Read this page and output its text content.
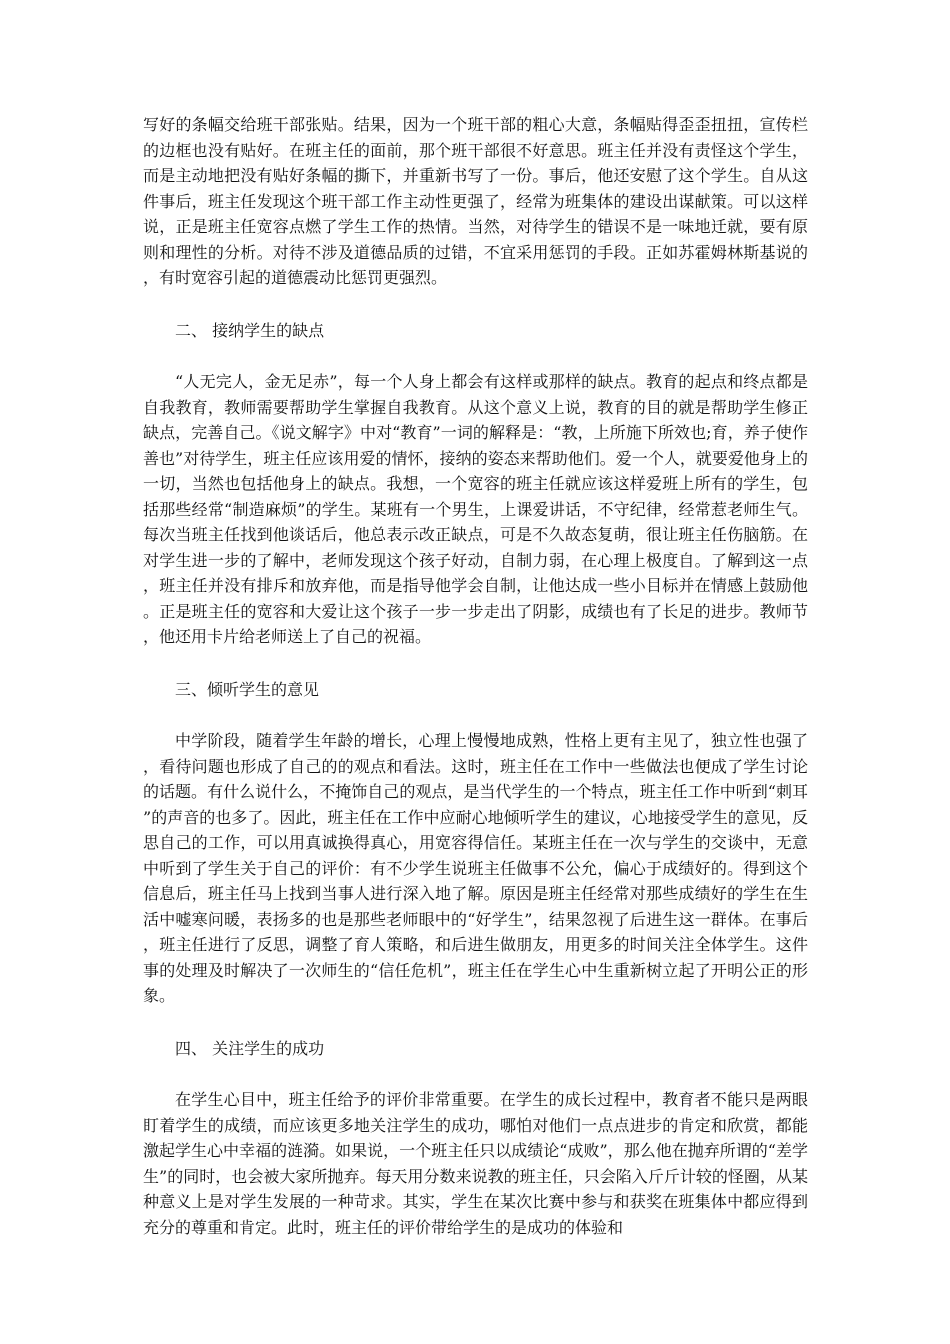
写好的条幅交给班干部张贴。结果，因为一个班干部的粗心大意，条幅贴得歪歪扭扭，宣传栏的边框也没有贴好。在班主任的面前，那个班干部很不好意思。班主任并没有责怪这个学生，而是主动地把没有贴好条幅的撕下，并重新书写了一份。事后，他还安慰了这个学生。自从这件事后，班主任发现这个班干部工作主动性更强了，经常为班集体的建设出谋献策。可以这样说，正是班主任宽容点燃了学生工作的热情。当然，对待学生的错误不是一味地迁就，要有原则和理性的分析。对待不涉及道德品质的过错，不宜采用惩罚的手段。正如苏霍姆林斯基说的 ，有时宽容引起的道德震动比惩罚更强烈。

二、 接纳学生的缺点

“人无完人，金无足赤”，每一个人身上都会有这样或那样的缺点。教育的起点和终点都是自我教育，教师需要帮助学生掌握自我教育。从这个意义上说，教育的目的就是帮助学生修正缺点，完善自己。《说文解字》中对“教育”一词的解释是：“教，上所施下所效也;育，养子使作善也”对待学生，班主任应该用爱的情怀，接纳的姿态来帮助他们。爱一个人，就要爱他身上的一切，当然也包括他身上的缺点。我想，一个宽容的班主任就应该这样爱班上所有的学生，包括那些经常“制造麻烦”的学生。某班有一个男生，上课爱讲话，不守纪律，经常惹老师生气。每次当班主任找到他谈话后，他总表示改正缺点，可是不久故态复萌，很让班主任伤脑筋。在对学生进一步的了解中，老师发现这个孩子好动，自制力弱，在心理上极度自。了解到这一点，班主任并没有排斥和放弃他，而是指导他学会自制，让他达成一些小目标并在情感上鼓励他。正是班主任的宽容和大爱让这个孩子一步一步走出了阴影，成绩也有了长足的进步。教师节，他还用卡片给老师送上了自己的祝福。

三、倾听学生的意见

中学阶段，随着学生年龄的增长，心理上慢慢地成熟，性格上更有主见了，独立性也强了，看待问题也形成了自己的的观点和看法。这时，班主任在工作中一些做法也便成了学生讨论的话题。有什么说什么，不掩饰自己的观点，是当代学生的一个特点，班主任工作中听到“刺耳”的声音的也多了。因此，班主任在工作中应耐心地倾听学生的建议，心地接受学生的意见，反思自己的工作，可以用真诚换得真心，用宽容得信任。某班主任在一次与学生的交谈中，无意中听到了学生关于自己的评价：有不少学生说班主任做事不公允，偏心于成绩好的。得到这个信息后，班主任马上找到当事人进行深入地了解。原因是班主任经常对那些成绩好的学生在生活中嘘寒问暖，表扬多的也是那些老师眼中的“好学生”，结果忽视了后进生这一群体。在事后，班主任进行了反思，调整了育人策略，和后进生做朋友，用更多的时间关注全体学生。这件事的处理及时解决了一次师生的“信任危机”，班主任在学生心中生重新树立起了开明公正的形象。

四、 关注学生的成功

在学生心目中，班主任给予的评价非常重要。在学生的成长过程中，教育者不能只是两眼盯着学生的成绩，而应该更多地关注学生的成功，哪怕对他们一点点进步的肯定和欣赏，都能激起学生心中幸福的涟漪。如果说，一个班主任只以成绩论“成败”，那么他在抛弃所谓的“差学生”的同时，也会被大家所抛弃。每天用分数来说教的班主任，只会陷入斤斤计较的怪圈，从某种意义上是对学生发展的一种苛求。其实，学生在某次比赛中参与和获奖在班集体中都应得到充分的尊重和肯定。此时，班主任的评价带给学生的是成功的体验和
